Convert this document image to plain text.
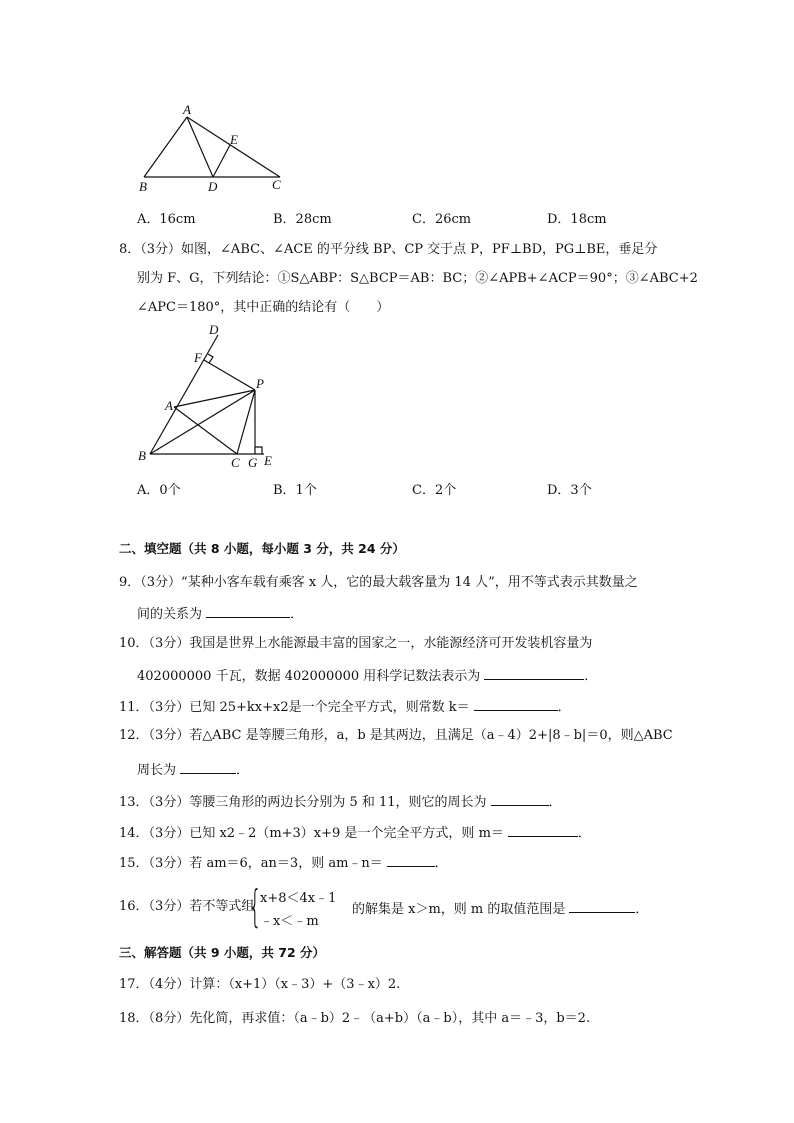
A
E
B	D	C
A．16cm	B．28cm	C．26cm	D．18cm
8．（3分）如图，∠ABC、∠ACE 的平分线 BP、CP 交于点 P，PF⊥BD，PG⊥BE，垂足分
别为 F、G，下列结论：①S△ABP：S△BCP＝AB：BC；②∠APB+∠ACP＝90°；③∠ABC+2
∠APC＝180°，其中正确的结论有（　　）
D
F
P
A
B	C G E
A．0个	B．1个	C．2个	D．3个
二、填空题（共 8 小题，每小题 3 分，共 24 分）
9．（3分）“某种小客车载有乘客 x 人，它的最大载客量为 14 人”，用不等式表示其数量之
间的关系为	．
10．（3分）我国是世界上水能源最丰富的国家之一，水能源经济可开发装机容量为
402000000 千瓦，数据 402000000 用科学记数法表示为	．
11．（3分）已知 25+kx+x2是一个完全平方式，则常数 k＝	．
12．（3分）若△ABC 是等腰三角形，a，b 是其两边，且满足（a﹣4）2+|8﹣b|＝0，则△ABC
周长为	．
13．（3分）等腰三角形的两边长分别为 5 和 11，则它的周长为	．
14．（3分）已知 x2﹣2（m+3）x+9 是一个完全平方式，则 m＝	．
15．（3分）若 am＝6，an＝3，则 am﹣n＝	．
16．（3分）若不等式组
{
x+8＜4x﹣1
﹣x＜﹣m
的解集是 x＞m，则 m 的取值范围是	．
三、解答题（共 9 小题，共 72 分）
17．（4分）计算：（x+1）（x﹣3）+（3﹣x）2.
18．（8分）先化简，再求值：（a﹣b）2﹣（a+b）（a﹣b），其中 a＝﹣3，b＝2.
